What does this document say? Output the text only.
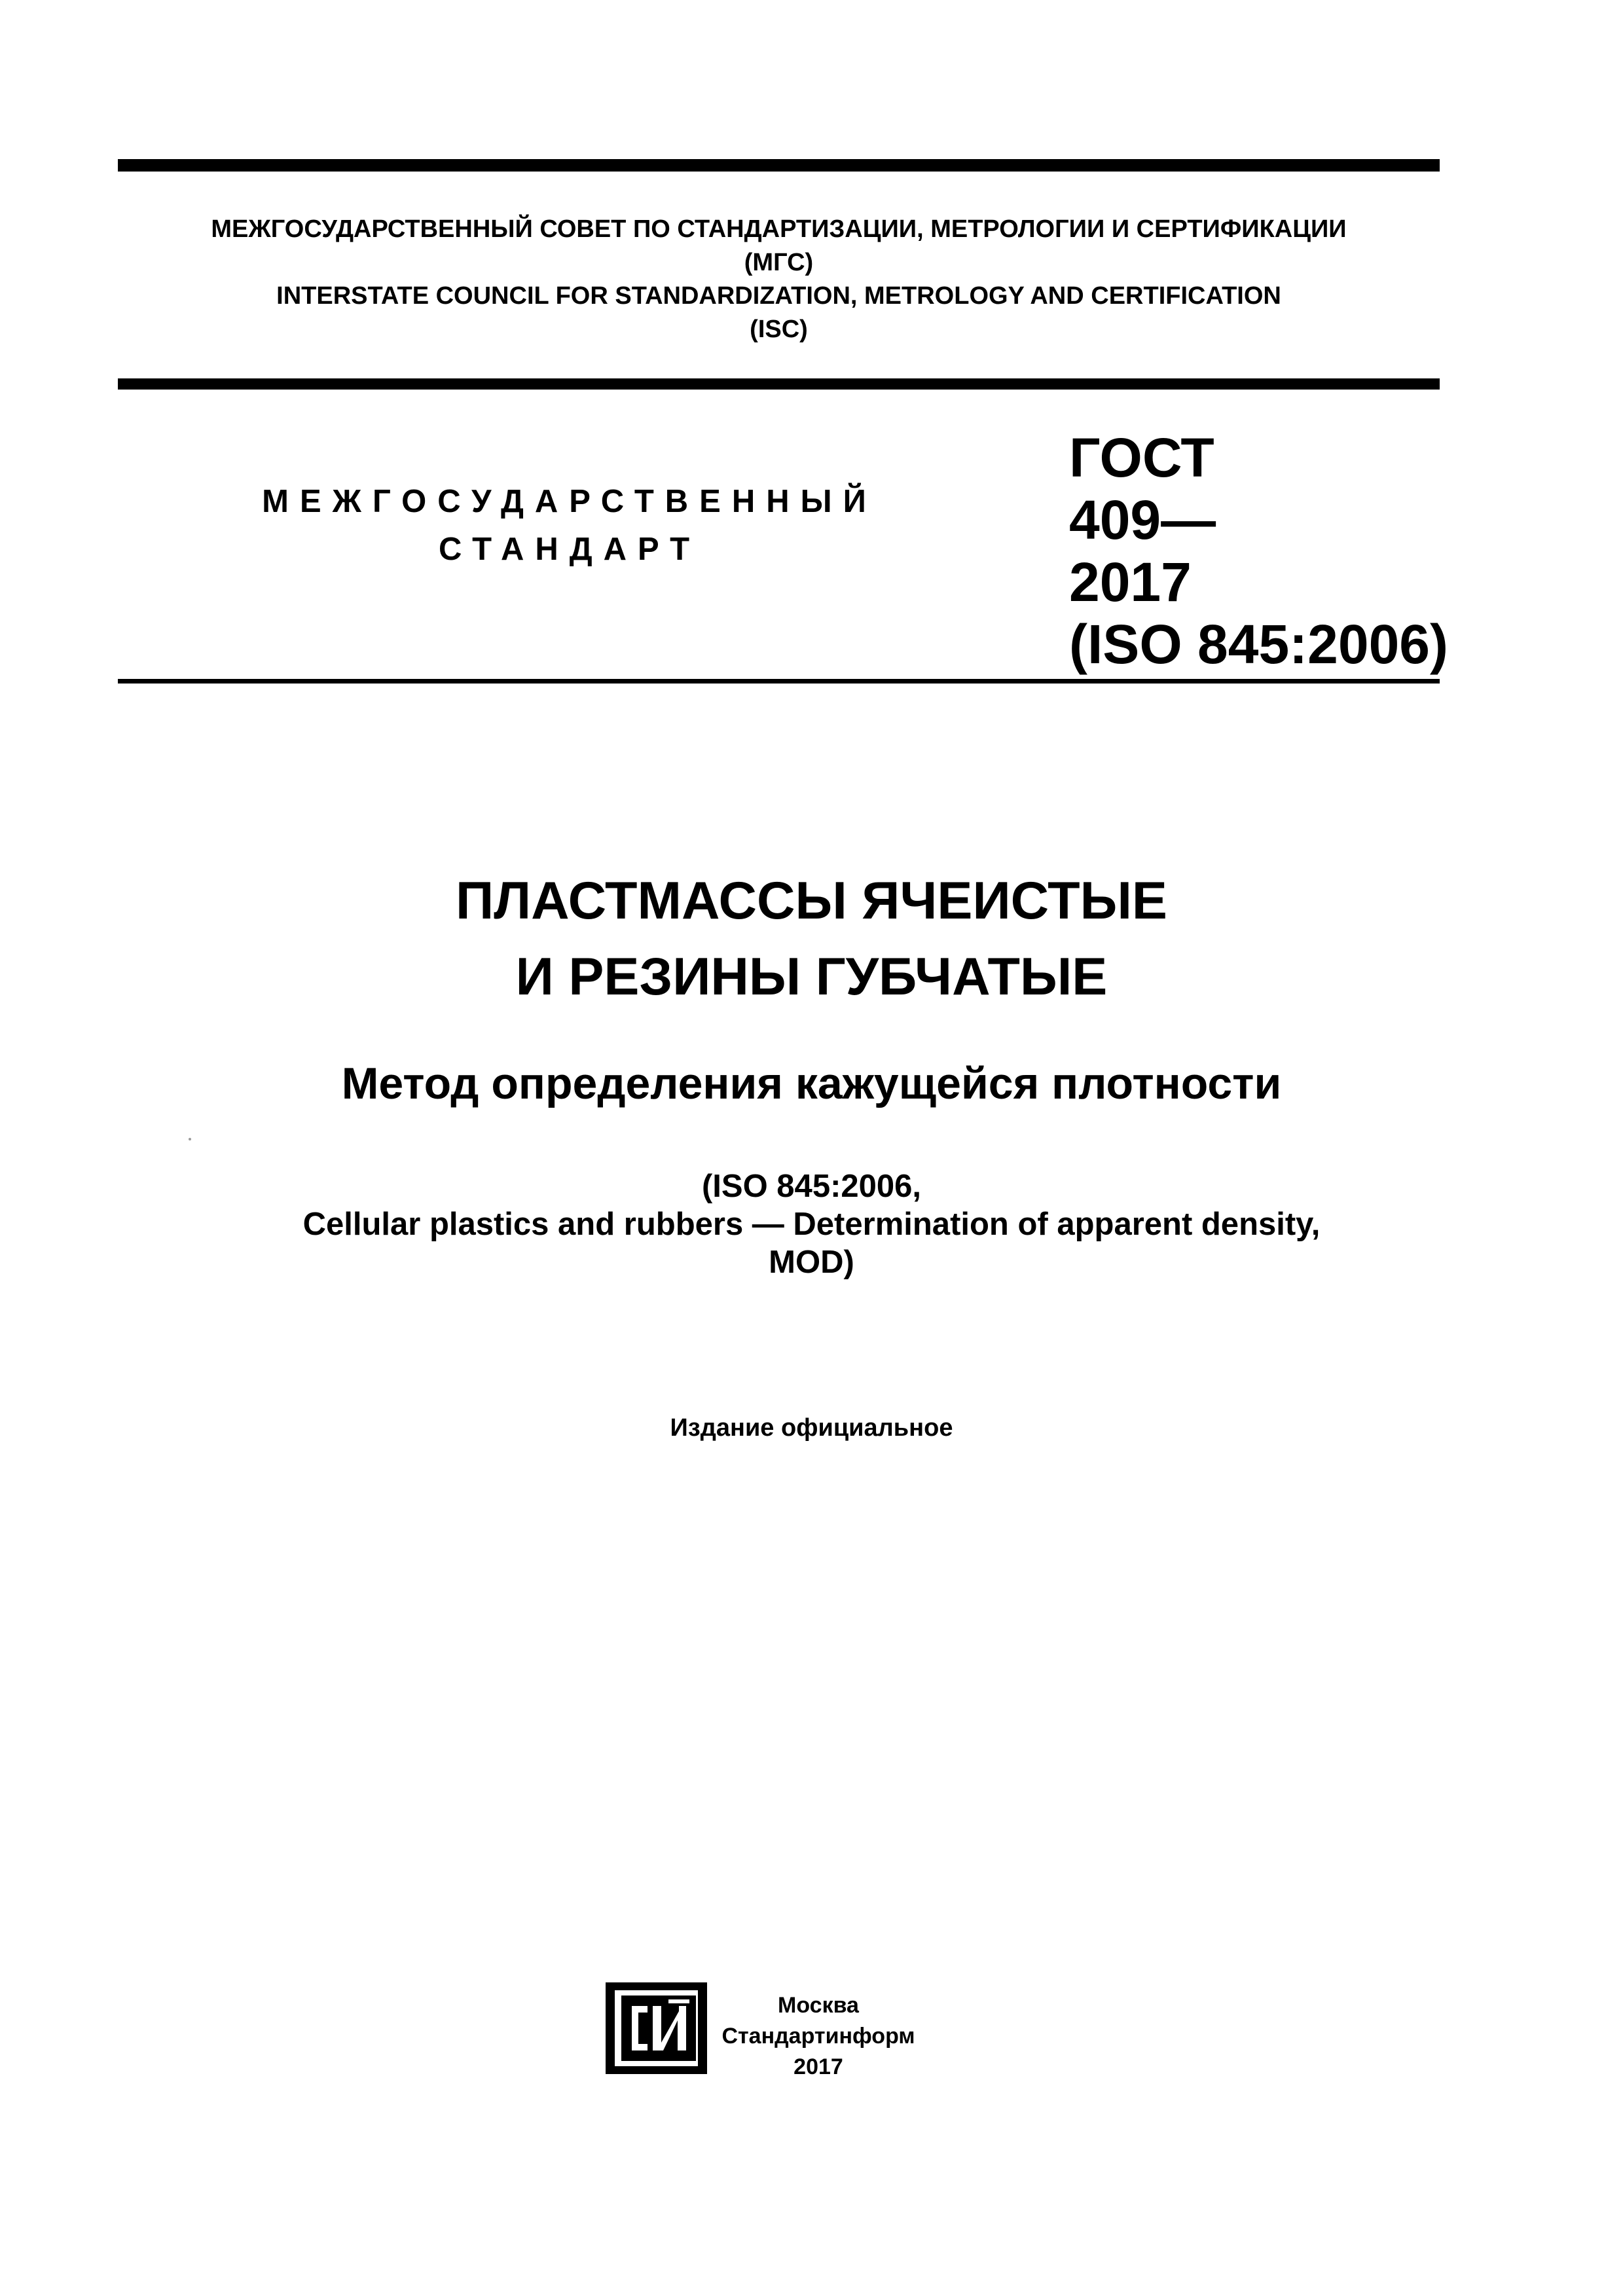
МЕЖГОСУДАРСТВЕННЫЙ СОВЕТ ПО СТАНДАРТИЗАЦИИ, МЕТРОЛОГИИ И СЕРТИФИКАЦИИ
(МГС)
INTERSTATE COUNCIL FOR STANDARDIZATION, METROLOGY AND CERTIFICATION
(ISC)
МЕЖГОСУДАРСТВЕННЫЙ
СТАНДАРТ
ГОСТ
409—
2017
(ISO 845:2006)
ПЛАСТМАССЫ ЯЧЕИСТЫЕ
И РЕЗИНЫ ГУБЧАТЫЕ
Метод определения кажущейся плотности
(ISO 845:2006,
Cellular plastics and rubbers — Determination of apparent density,
MOD)
Издание официальное
Москва
Стандартинформ
2017
